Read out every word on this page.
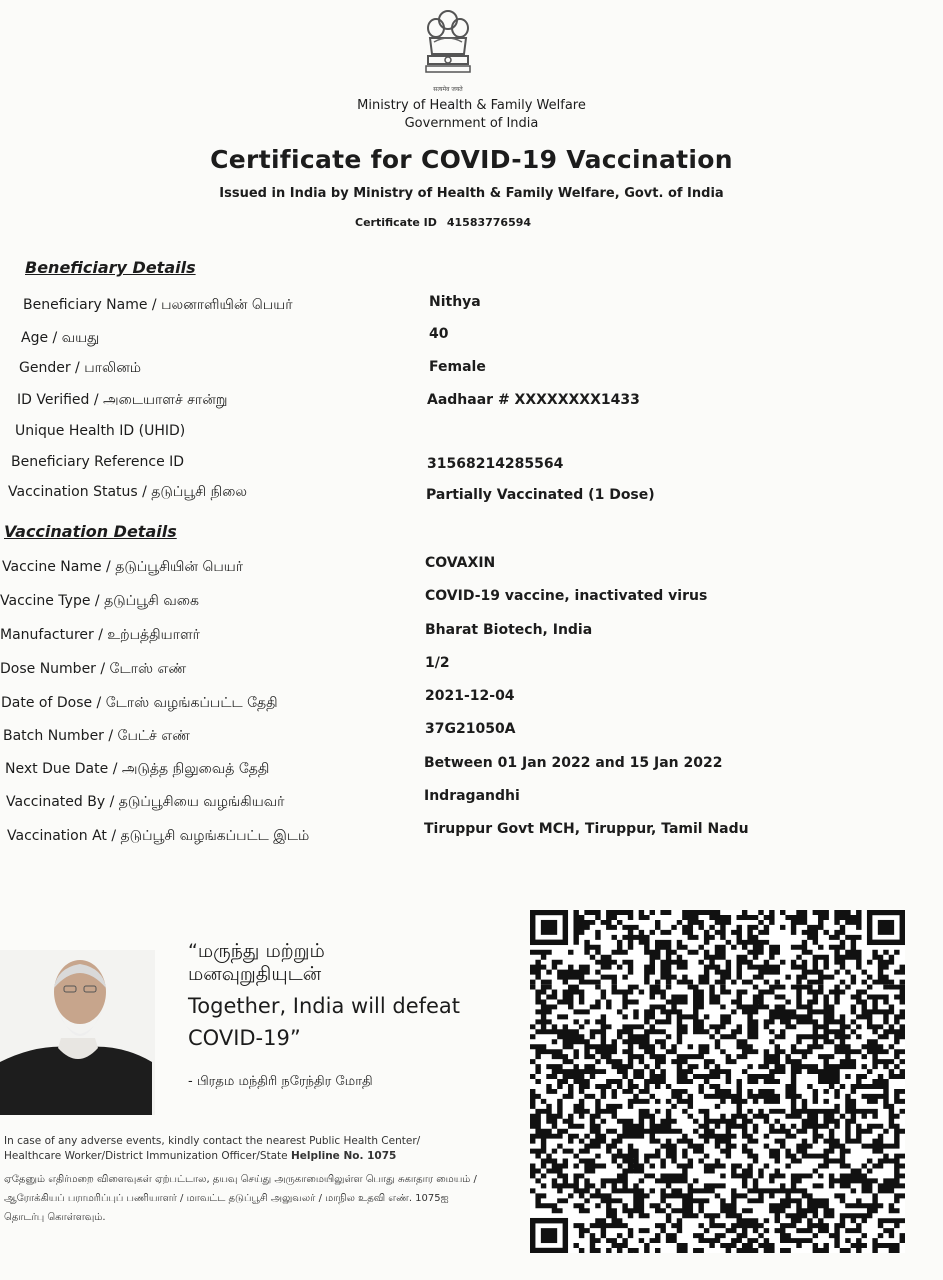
सत्यमेव जयते
Ministry of Health & Family Welfare
Government of India
Certificate for COVID-19 Vaccination
Issued in India by Ministry of Health & Family Welfare, Govt. of India
Certificate ID 41583776594
Beneficiary Details
Beneficiary Name / பலனாளியின் பெயர்	Nithya
Age / வயது	40
Gender / பாலினம்	Female
ID Verified / அடையாளச் சான்று	Aadhaar # XXXXXXXX1433
Unique Health ID (UHID)
Beneficiary Reference ID	31568214285564
Vaccination Status / தடுப்பூசி நிலை	Partially Vaccinated (1 Dose)
Vaccination Details
Vaccine Name / தடுப்பூசியின் பெயர்	COVAXIN
Vaccine Type / தடுப்பூசி வகை	COVID-19 vaccine, inactivated virus
Manufacturer / உற்பத்தியாளர்	Bharat Biotech, India
Dose Number / டோஸ் எண்	1/2
Date of Dose / டோஸ் வழங்கப்பட்ட தேதி	2021-12-04
Batch Number / பேட்ச் எண்	37G21050A
Next Due Date / அடுத்த நிலுவைத் தேதி	Between 01 Jan 2022 and 15 Jan 2022
Vaccinated By / தடுப்பூசியை வழங்கியவர்	Indragandhi
Vaccination At / தடுப்பூசி வழங்கப்பட்ட இடம்	Tiruppur Govt MCH, Tiruppur, Tamil Nadu
“மருந்து மற்றும் மனவுறுதியுடன்
Together, India will defeat COVID-19”
- பிரதம மந்திரி நரேந்திர மோதி
In case of any adverse events, kindly contact the nearest Public Health Center/ Healthcare Worker/District Immunization Officer/State Helpline No. 1075
ஏதேனும் எதிர்மறை விளைவுகள் ஏற்பட்டால, தயவு செய்து அருகாமையிலுள்ள பொது சுகாதார மையம் / ஆரோக்கியப் பராமரிப்புப் பணியாளர் / மாவட்ட தடுப்பூசி அலுவலர் / மாநில உதவி எண். 1075ஐ தொடர்பு கொள்ளவும்.
